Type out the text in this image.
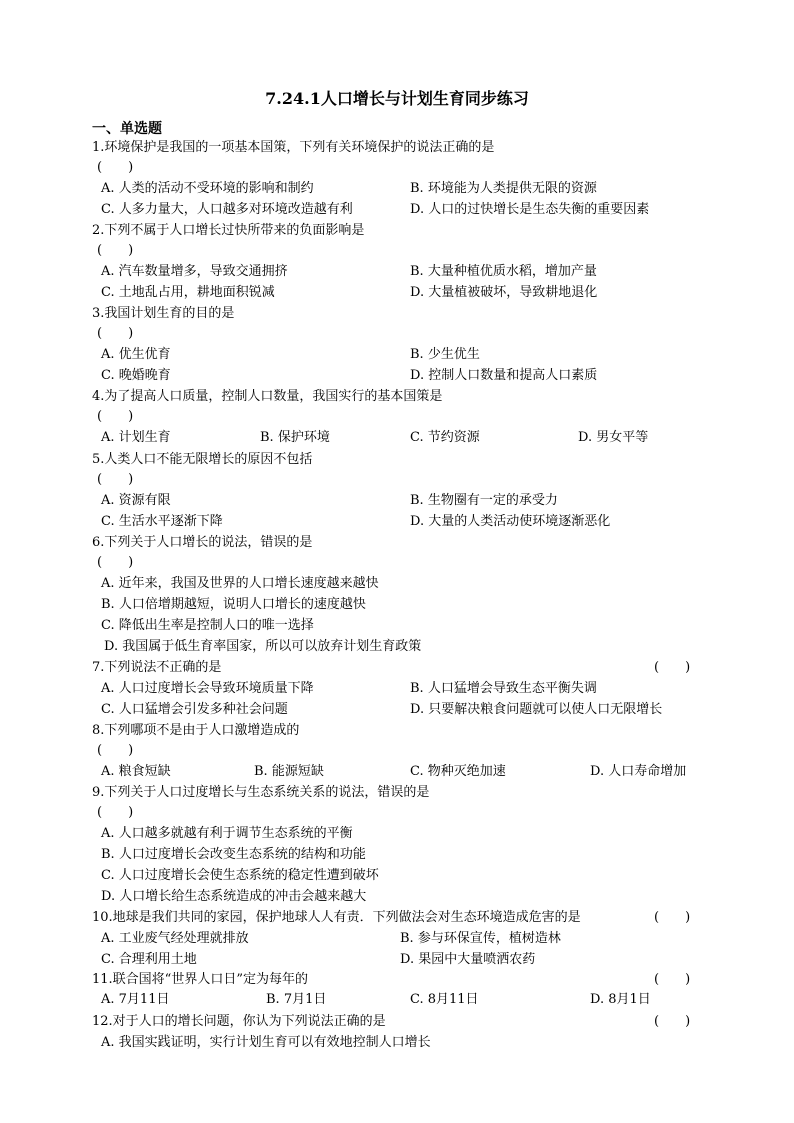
7.24.1人口增长与计划生育同步练习
一、单选题
1.环境保护是我国的一项基本国策，下列有关环境保护的说法正确的是
(　　)
A. 人类的活动不受环境的影响和制约	B. 环境能为人类提供无限的资源
C. 人多力量大，人口越多对环境改造越有利	D. 人口的过快增长是生态失衡的重要因素
2.下列不属于人口增长过快所带来的负面影响是
(　　)
A. 汽车数量增多，导致交通拥挤	B. 大量种植优质水稻，增加产量
C. 土地乱占用，耕地面积锐减	D. 大量植被破坏，导致耕地退化
3.我国计划生育的目的是
(　　)
A. 优生优育	B. 少生优生
C. 晚婚晚育	D. 控制人口数量和提高人口素质
4.为了提高人口质量，控制人口数量，我国实行的基本国策是
(　　)
A. 计划生育	B. 保护环境	C. 节约资源	D. 男女平等
5.人类人口不能无限增长的原因不包括
(　　)
A. 资源有限	B. 生物圈有一定的承受力
C. 生活水平逐渐下降	D. 大量的人类活动使环境逐渐恶化
6.下列关于人口增长的说法，错误的是
(　　)
A. 近年来，我国及世界的人口增长速度越来越快
B. 人口倍增期越短，说明人口增长的速度越快
C. 降低出生率是控制人口的唯一选择
D. 我国属于低生育率国家，所以可以放弃计划生育政策
7.下列说法不正确的是	(　　)
A. 人口过度增长会导致环境质量下降	B. 人口猛增会导致生态平衡失调
C. 人口猛增会引发多种社会问题	D. 只要解决粮食问题就可以使人口无限增长
8.下列哪项不是由于人口激增造成的
(　　)
A. 粮食短缺	B. 能源短缺	C. 物种灭绝加速	D. 人口寿命增加
9.下列关于人口过度增长与生态系统关系的说法，错误的是
(　　)
A. 人口越多就越有利于调节生态系统的平衡
B. 人口过度增长会改变生态系统的结构和功能
C. 人口过度增长会使生态系统的稳定性遭到破坏
D. 人口增长给生态系统造成的冲击会越来越大
10.地球是我们共同的家园，保护地球人人有责．下列做法会对生态环境造成危害的是	(　　)
A. 工业废气经处理就排放	B. 参与环保宣传，植树造林
C. 合理利用土地	D. 果园中大量喷洒农药
11.联合国将“世界人口日”定为每年的	(　　)
A. 7月11日	B. 7月1日	C. 8月11日	D. 8月1日
12.对于人口的增长问题，你认为下列说法正确的是	(　　)
A. 我国实践证明，实行计划生育可以有效地控制人口增长
